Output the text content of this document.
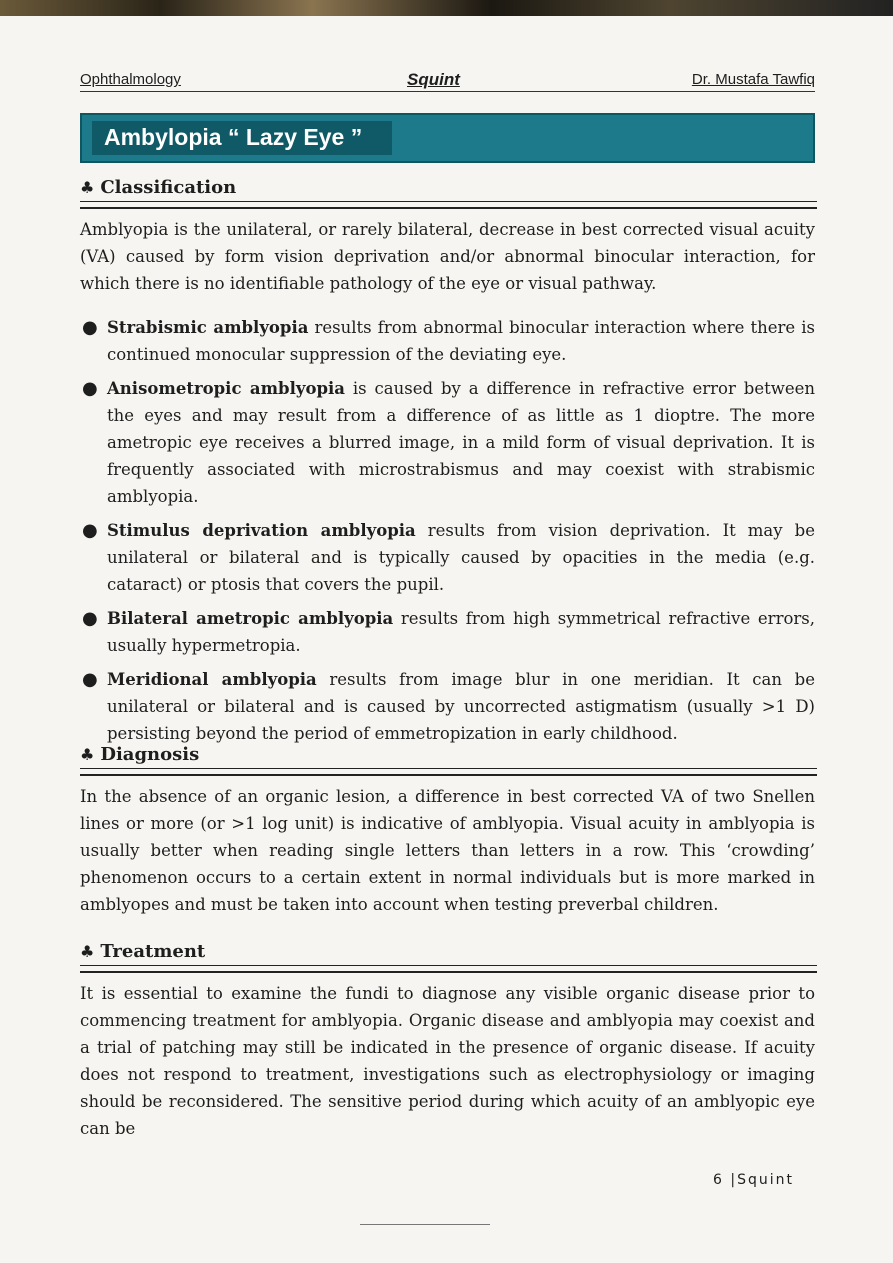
Ophthalmology	Squint	Dr. Mustafa Tawfiq
Ambylopia “ Lazy Eye ”
♣ Classification

Amblyopia is the unilateral, or rarely bilateral, decrease in best corrected visual acuity (VA) caused by form vision deprivation and/or abnormal binocular interaction, for which there is no identifiable pathology of the eye or visual pathway.

● Strabismic amblyopia results from abnormal binocular interaction where there is continued monocular suppression of the deviating eye.
● Anisometropic amblyopia is caused by a difference in refractive error between the eyes and may result from a difference of as little as 1 dioptre. The more ametropic eye receives a blurred image, in a mild form of visual deprivation. It is frequently associated with microstrabismus and may coexist with strabismic amblyopia.
● Stimulus deprivation amblyopia results from vision deprivation. It may be unilateral or bilateral and is typically caused by opacities in the media (e.g. cataract) or ptosis that covers the pupil.
● Bilateral ametropic amblyopia results from high symmetrical refractive errors, usually hypermetropia.
● Meridional amblyopia results from image blur in one meridian. It can be unilateral or bilateral and is caused by uncorrected astigmatism (usually >1 D) persisting beyond the period of emmetropization in early childhood.
♣ Diagnosis

In the absence of an organic lesion, a difference in best corrected VA of two Snellen lines or more (or >1 log unit) is indicative of amblyopia. Visual acuity in amblyopia is usually better when reading single letters than letters in a row. This ‘crowding’ phenomenon occurs to a certain extent in normal individuals but is more marked in amblyopes and must be taken into account when testing preverbal children.

♣ Treatment

It is essential to examine the fundi to diagnose any visible organic disease prior to commencing treatment for amblyopia. Organic disease and amblyopia may coexist and a trial of patching may still be indicated in the presence of organic disease. If acuity does not respond to treatment, investigations such as electrophysiology or imaging should be reconsidered. The sensitive period during which acuity of an amblyopic eye can be

6 |Squint
